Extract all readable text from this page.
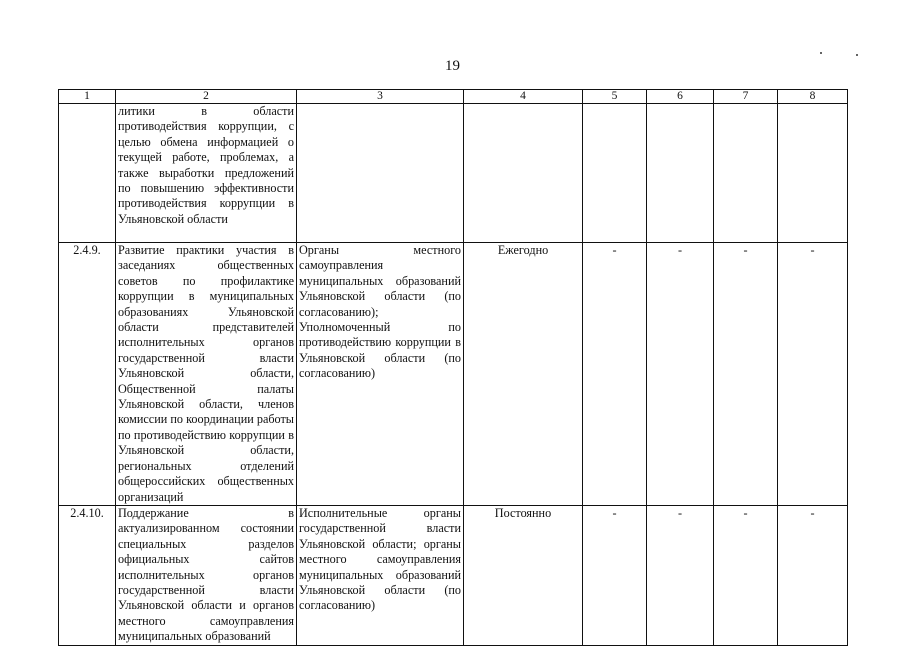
19
1	2	3	4	5	6	7	8
	литики в области противодействия коррупции, с целью обмена информацией о текущей работе, проблемах, а также выработки предложений по повышению эффективности противодействия коррупции в Ульяновской области						
2.4.9.	Развитие практики участия в заседаниях общественных советов по профилактике коррупции в муниципальных образованиях Ульяновской области представителей исполнительных органов государственной власти Ульяновской области, Общественной палаты Ульяновской области, членов комиссии по координации работы по противодействию коррупции в Ульяновской области, региональных отделений общероссийских общественных организаций	Органы местного самоуправления муниципальных образований Ульяновской области (по согласованию); Уполномоченный по противодействию коррупции в Ульяновской области (по согласованию)	Ежегодно	-	-	-	-
2.4.10.	Поддержание в актуализированном состоянии специальных разделов официальных сайтов исполнительных органов государственной власти Ульяновской области и органов местного самоуправления муниципальных образований	Исполнительные органы государственной власти Ульяновской области; органы местного самоуправления муниципальных образований Ульяновской области (по согласованию)	Постоянно	-	-	-	-
